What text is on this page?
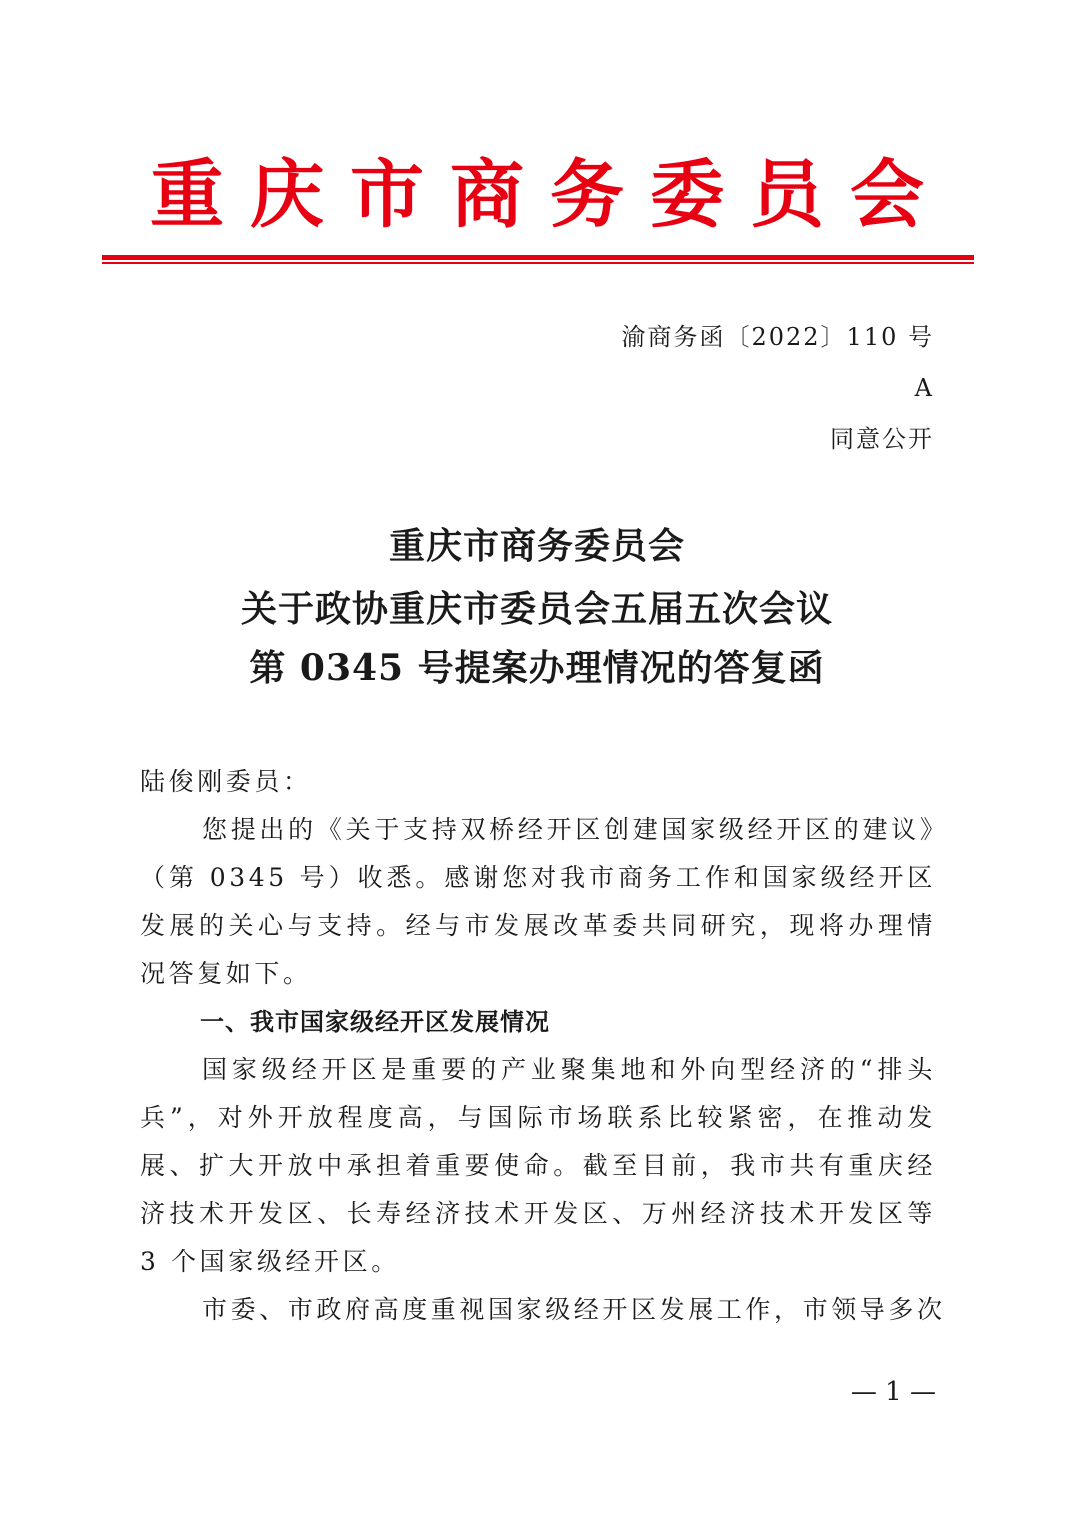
重庆市商务委员会
渝商务函〔2022〕110 号
A
同意公开
重庆市商务委员会
关于政协重庆市委员会五届五次会议
第 0345 号提案办理情况的答复函
陆俊刚委员：
您提出的《关于支持双桥经开区创建国家级经开区的建议》（第 0345 号）收悉。感谢您对我市商务工作和国家级经开区发展的关心与支持。经与市发展改革委共同研究，现将办理情况答复如下。
一、我市国家级经开区发展情况
国家级经开区是重要的产业聚集地和外向型经济的“排头兵”，对外开放程度高，与国际市场联系比较紧密，在推动发展、扩大开放中承担着重要使命。截至目前，我市共有重庆经济技术开发区、长寿经济技术开发区、万州经济技术开发区等 3 个国家级经开区。
市委、市政府高度重视国家级经开区发展工作，市领导多次
— 1 —
